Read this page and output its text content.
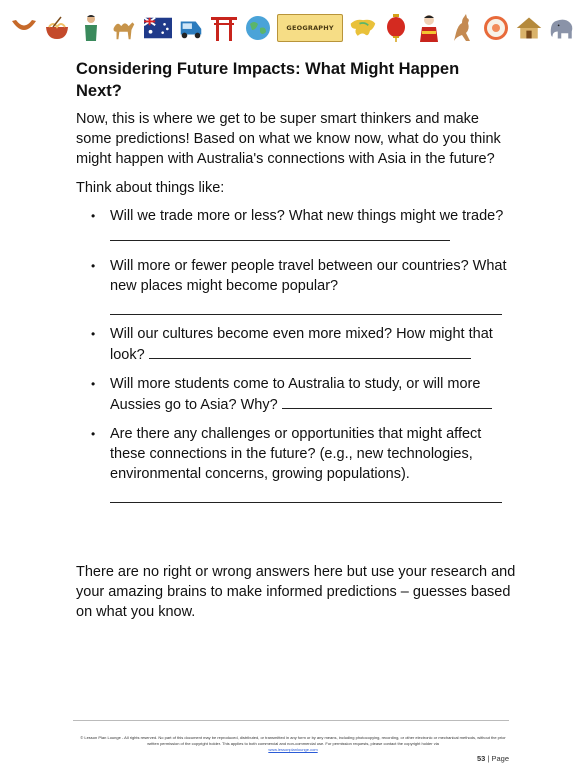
GEOGRAPHY
Considering Future Impacts: What Might Happen Next?

Now, this is where we get to be super smart thinkers and make some predictions! Based on what we know now, what do you think might happen with Australia's connections with Asia in the future?

Think about things like:

• Will we trade more or less? What new things might we trade?
• Will more or fewer people travel between our countries? What new places might become popular?
• Will our cultures become even more mixed? How might that look?
• Will more students come to Australia to study, or will more Aussies go to Asia? Why?
• Are there any challenges or opportunities that might affect these connections in the future? (e.g., new technologies, environmental concerns, growing populations).

There are no right or wrong answers here but use your research and your amazing brains to make informed predictions – guesses based on what you know.

© Lesson Plan Lounge - All rights reserved. No part of this document may be reproduced, distributed, or transmitted in any form or by any means, including photocopying, recording, or other electronic or mechanical methods, without the prior written permission of the copyright holder. This applies to both commercial and non-commercial use. For permission requests, please contact the copyright holder via
www.lessonplanlounge.com
53 | Page
